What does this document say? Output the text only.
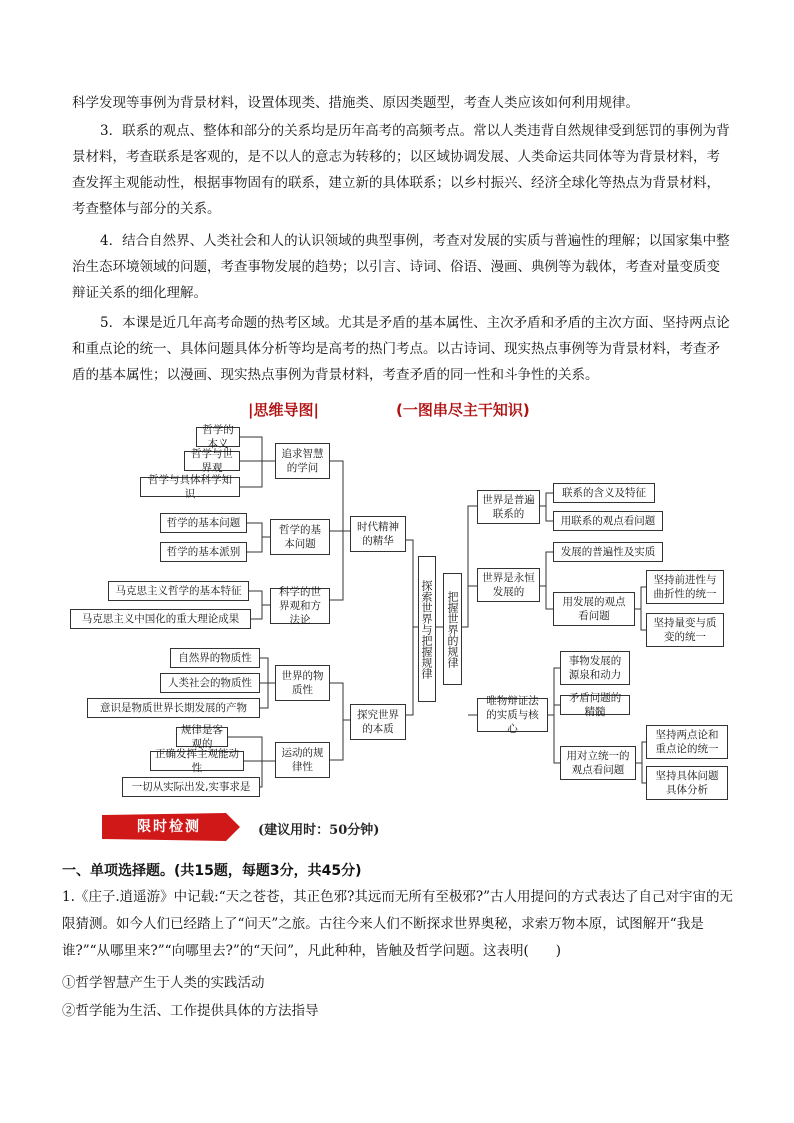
科学发现等事例为背景材料，设置体现类、措施类、原因类题型，考查人类应该如何利用规律。

3．联系的观点、整体和部分的关系均是历年高考的高频考点。常以人类违背自然规律受到惩罚的事例为背景材料，考查联系是客观的，是不以人的意志为转移的；以区域协调发展、人类命运共同体等为背景材料，考查发挥主观能动性，根据事物固有的联系，建立新的具体联系；以乡村振兴、经济全球化等热点为背景材料，考查整体与部分的关系。

4．结合自然界、人类社会和人的认识领域的典型事例，考查对发展的实质与普遍性的理解；以国家集中整治生态环境领域的问题，考查事物发展的趋势；以引言、诗词、俗语、漫画、典例等为载体，考查对量变质变辩证关系的细化理解。

5．本课是近几年高考命题的热考区域。尤其是矛盾的基本属性、主次矛盾和矛盾的主次方面、坚持两点论和重点论的统一、具体问题具体分析等均是高考的热门考点。以古诗词、现实热点事例等为背景材料，考查矛盾的基本属性；以漫画、现实热点事例为背景材料，考查矛盾的同一性和斗争性的关系。

|思维导图|	(一图串尽主干知识)
哲学的本义
哲学与世界观
哲学与具体科学知识
追求智慧的学问
哲学的基本问题
哲学的基本派别
哲学的基本问题
马克思主义哲学的基本特征
马克思主义中国化的重大理论成果
科学的世界观和方法论
时代精神的精华
自然界的物质性
人类社会的物质性
意识是物质世界长期发展的产物
世界的物质性
规律是客观的
正确发挥主观能动性
一切从实际出发,实事求是
运动的规律性
探究世界的本质
探索世界与把握规律 把握世界的规律
世界是普遍联系的
联系的含义及特征
用联系的观点看问题
世界是永恒发展的
发展的普遍性及实质
用发展的观点看问题
坚持前进性与曲折性的统一
坚持量变与质变的统一
唯物辩证法的实质与核心
事物发展的源泉和动力
矛盾问题的精髓
用对立统一的观点看问题
坚持两点论和重点论的统一
坚持具体问题具体分析
限时检测	(建议用时：50分钟)
一、单项选择题。(共15题，每题3分，共45分)

1.《庄子.逍遥游》中记载:“天之苍苍，其正色邪?其远而无所有至极邪?”古人用提问的方式表达了自己对宇宙的无限猜测。如今人们已经踏上了“问天”之旅。古往今来人们不断探求世界奥秘，求索万物本原，试图解开“我是谁?”“从哪里来?”“向哪里去?”的“天问”，凡此种种，皆触及哲学问题。这表明(　　)

①哲学智慧产生于人类的实践活动
②哲学能为生活、工作提供具体的方法指导
